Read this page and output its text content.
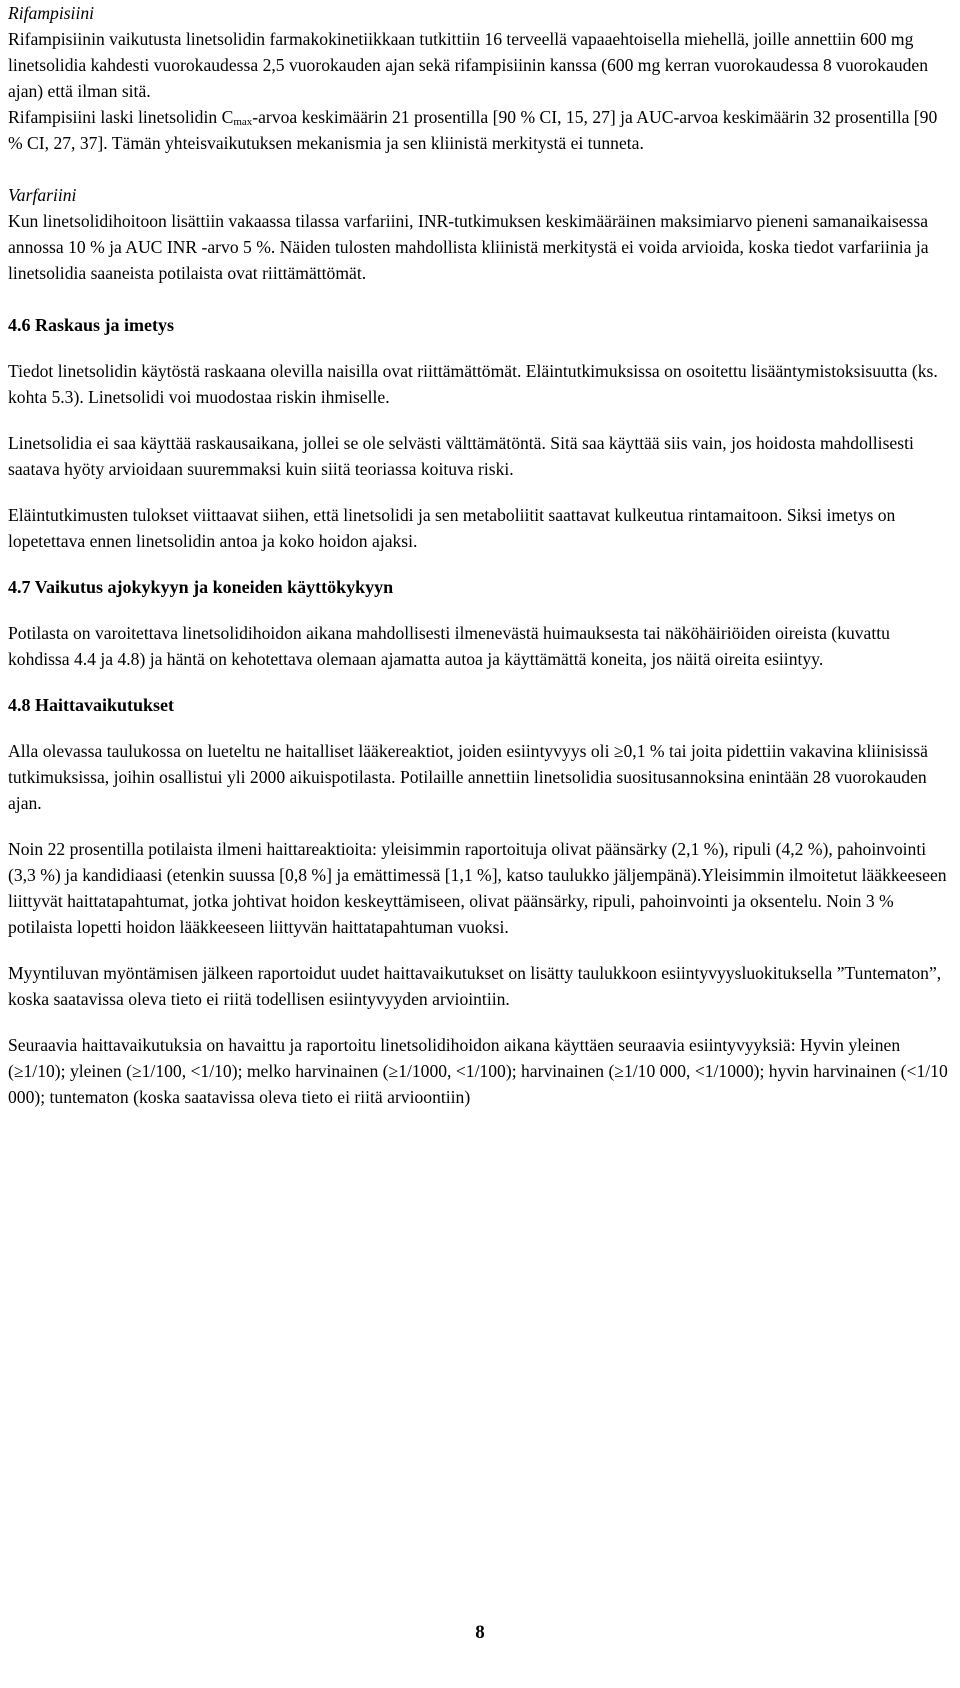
Rifampisiini

Rifampisiinin vaikutusta linetsolidin farmakokinetiikkaan tutkittiin 16 terveellä vapaaehtoisella miehellä, joille annettiin 600 mg linetsolidia kahdesti vuorokaudessa 2,5 vuorokauden ajan sekä rifampisiinin kanssa (600 mg kerran vuorokaudessa 8 vuorokauden ajan) että ilman sitä.

Rifampisiini laski linetsolidin $C_{max}$-arvoa keskimäärin 21 prosentilla [90 % CI, 15, 27] ja AUC-arvoa keskimäärin 32 prosentilla [90 % CI, 27, 37]. Tämän yhteisvaikutuksen mekanismia ja sen kliinistä merkitystä ei tunneta.

Varfariini

Kun linetsolidihoitoon lisättiin vakaassa tilassa varfariini, INR-tutkimuksen keskimääräinen maksimiarvo pieneni samanaikaisessa annossa 10 % ja AUC INR -arvo 5 %. Näiden tulosten mahdollista kliinistä merkitystä ei voida arvioida, koska tiedot varfariinia ja linetsolidia saaneista potilaista ovat riittämättömät.

4.6 Raskaus ja imetys

Tiedot linetsolidin käytöstä raskaana olevilla naisilla ovat riittämättömät. Eläintutkimuksissa on osoitettu lisääntymistoksisuutta (ks. kohta 5.3). Linetsolidi voi muodostaa riskin ihmiselle.

Linetsolidia ei saa käyttää raskausaikana, jollei se ole selvästi välttämätöntä. Sitä saa käyttää siis vain, jos hoidosta mahdollisesti saatava hyöty arvioidaan suuremmaksi kuin siitä teoriassa koituva riski.

Eläintutkimusten tulokset viittaavat siihen, että linetsolidi ja sen metaboliitit saattavat kulkeutua rintamaitoon. Siksi imetys on lopetettava ennen linetsolidin antoa ja koko hoidon ajaksi.

4.7 Vaikutus ajokykyyn ja koneiden käyttökykyyn

Potilasta on varoitettava linetsolidihoidon aikana mahdollisesti ilmenevästä huimauksesta tai näköhäiriöiden oireista (kuvattu kohdissa 4.4 ja 4.8) ja häntä on kehotettava olemaan ajamatta autoa ja käyttämättä koneita, jos näitä oireita esiintyy.

4.8 Haittavaikutukset

Alla olevassa taulukossa on lueteltu ne haitalliset lääkereaktiot, joiden esiintyvyys oli ≥0,1 % tai joita pidettiin vakavina kliinisissä tutkimuksissa, joihin osallistui yli 2000 aikuispotilasta. Potilaille annettiin linetsolidia suositusannoksina enintään 28 vuorokauden ajan.

Noin 22 prosentilla potilaista ilmeni haittareaktioita: yleisimmin raportoituja olivat päänsärky (2,1 %), ripuli (4,2 %), pahoinvointi (3,3 %) ja kandidiaasi (etenkin suussa [0,8 %] ja emättimessä [1,1 %], katso taulukko jäljempänä).Yleisimmin ilmoitetut lääkkeeseen liittyvät haittatapahtumat, jotka johtivat hoidon keskeyttämiseen, olivat päänsärky, ripuli, pahoinvointi ja oksentelu. Noin 3 % potilaista lopetti hoidon lääkkeeseen liittyvän haittatapahtuman vuoksi.

Myyntiluvan myöntämisen jälkeen raportoidut uudet haittavaikutukset on lisätty taulukkoon esiintyvyysluokituksella ”Tuntematon”, koska saatavissa oleva tieto ei riitä todellisen esiintyvyyden arviointiin.

Seuraavia haittavaikutuksia on havaittu ja raportoitu linetsolidihoidon aikana käyttäen seuraavia esiintyvyyksiä: Hyvin yleinen (≥1/10); yleinen (≥1/100, <1/10); melko harvinainen (≥1/1000, <1/100); harvinainen (≥1/10 000, <1/1000); hyvin harvinainen (<1/10 000); tuntematon (koska saatavissa oleva tieto ei riitä arvioontiin)

8
